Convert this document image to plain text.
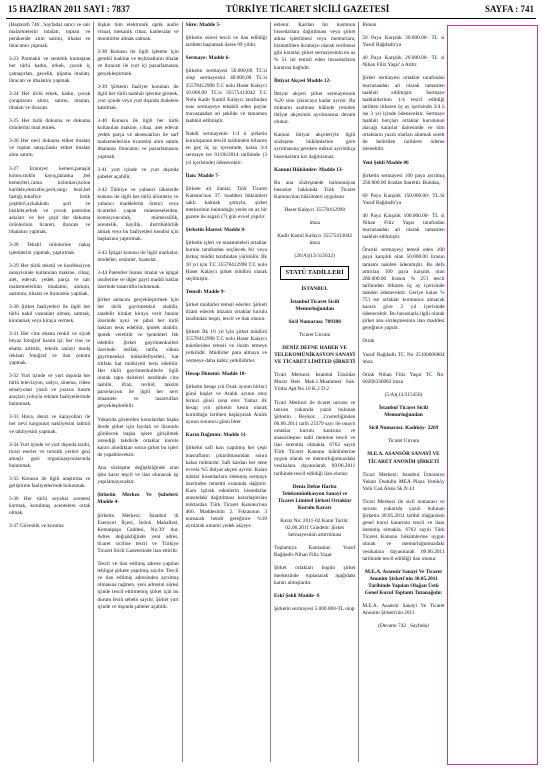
15 HAZİRAN 2011 SAYI : 7837	TÜRKİYE TİCARET SİCİLİ GAZETESİ	SAYFA : 741

(Baştarafı 740 . Sayfada) satıcı ve sair malzemelerin imalatı, toptan ve perakende alım satımı, ithalat ve ihracatını yapmak.

3-23 Parmaklı ve sentetik kumaştan her türlü kadın, erkek, çocuk iç çamaşırları, gecelik, pijama imalatı, ihracatı ve ithalatını yapmak.

3-24 Her türlü erkek, kadın, çocuk çoraplarını alımı, satımı, imalatı, ithalatı ve ihracatı.

3-25 Her türlü dokuma ve dokuma ürünlerini imal etmek.

3-26 Her nevi dokuma etiket imalatı ve toptan satışı,baskı etiket imalatı alım satımı.

3-27 Emniyet kemeri,paraşüt kolon,stoklu kayış,palaska ,bel kemerleri,canta kolonları,kolon kurdele,ekstrafor,şerit,sargı bezi,bel fastığı,tuhafiye listik çeşitleri,aykakkabı şort ve bisiklet,erkek ve çocuk pantolon askıları ve her çeşit dar dokuma ürünlerinin ticareti, ihracatı ve ithalatını yapmak.

3-28 Tekstil ürünlerine nakış işlemlerini yapmak, yaptırmak.

3-29 Her türlü tekstil ve konfeksiyon sanayisinde kullanılan makine, cihaz, alet, edevat, yedek parça ve sair malzemelerinin imalatını, alımını, satımını, ithalat ve ihracatını yapmak.

3-30 Şirket faaliyetleri ile ilgili her türlü nakil vasıtaları almak, satmak, kiralamak veya kiraya vermek.

3-31 Her cins ebatta renkli ve siyah beyaz fotoğraf basım işi; her cins ve ebatta artistik, teknik sanayi moda reklam fotoğraf ve ilan çekimi yapmak.

3-32 Yurt içinde ve yurt dışında her türlü televizyon, radyo, sinema, video senaryoları yazılı ve yazısız basım araçları yoluyla reklam faaliyetlerinde bulunmak.

3-33 Hava, deniz ve karayolları ile her nevi kargonun nakliyesini tahmil ve tahliyesini yapmak.

3-34 Yurt içinde ve yurt dışında tarihi, ticari eserler ve turistik yerleri gezi amaçlı gezi organizasyonlarında bulunmak.

3-35 Konusu ile ilgili araştırma ve geliştirme faaliyetlerinde bulunmak.

3-36 Her türlü seyahat acentesi kurmak, kurulmuş acentelere ortak olmak.

3-37 Güvenlik ve koruma

ilişkin tüm elektronik optik audio visual, mekanik cihaz, kameralar ve monitörler almak satmak.

3-38 Konusu ile ilgili işletme için gerekli makine ve teçhizatların ithalat ve ihracatı ile yurt içi pazarlamasını gerçekleştirmek.

3-39 Şirketin faaliyet konuları ile ilgili her türlü taahhüt işlerine girmek, yurt içinde veya yurt dışında ihalelere katılmak.

3-40 Konusu ile ilgili her türlü kullanılan makine, cihaz, alet edevat yedek parça ve aksesuarları ile sarf malzemelerinin ticaretini alım satımı ithalatını ihracatını ve pazarlamasını yapmak.

3-41 yurt içinde ve yurt dışında şubeler açabilir.

3-42 Türkiye ve yabancı ülkelerde konusu ile ilgili her türlü ürünlerin ve yabancı maddelerin üretici veya ticaretini yapan müesseselerden, komisyonculuk, mümessillik, acentelik, bayilik, distribütörlük almak veya bu faaliyetleri kendisi için başkasına yaptırmak.

3-43 İştigal konusu ile ilgili markalar, modeller, resimler, lisanslar.

3-44 Patentler lisansı imalat ve iştigal usullerine ve diğer gayri maddi haklar üzerinde tasarrufta bulunmak.

Şirket amacını gerçekleştirmek için her türlü gayrimenkul alabilir, satabilir kiralar kiraya verir bunlar üzerinde ayni ve şahsi her türlü hakları tesis edebilir, ipotek alabilir, ipotek verebilir ve ipotekleri fek edebilir. Şirket gayrimenkulleri üzerinde intifak, intifa, sükna gayrimenkul mükellefiyetleri, kat irtifakı kat mülkiyeti tesis edebilir. Her türlü gayrimenkullerle ilgili olarak tapu daireleri nezdinde cins tashihi, ifraz, tevhid, taksim parselasyon ile ilgili her nevi muamele ve tasarrufları gerçekleştirebilir.

Yukarıda gösterilen konulardan başka ilerde şirket için faydalı ve lüzumlu görülecek başka işlere girişilmek istendiği takdirde ortaklar kurulu kararı alındıktan sonra şirket bu işleri de yapabilecektir.

Ana sözleşme değişikliğinde olan işbu karar teşcil ve ilan olunacak işi yapılamayacaktır.

Şirketin Merkez Ve Şubeleri: Madde 4-

Şirketin Merkezi: İstanbul ili Esenyurt İlçesi, İnönü Mahallesi, Kemalpaşa Caddesi, No:39' dur. Adres değişikliğinde yeni adres, ticaret siciline tescil ve Türkiye Ticaret Sicili Gazetesinde ilan ettirilir.

Tescil ve ilan edilmiş adrese yapılan tebligat şirkete yapılmış sayılır. Tescil ve ilan edilmiş adresinden ayrılmış olmasına rağmen, yeni adresini süresi içinde tescil ettirmemiş şirket için bu durum fesih sebebi sayılır. Şirket yurt içinde ve dışında şubeler açabilir.

Süre: Madde 5-

Şirketin süresi tescil ve ilan edildiği tarihten başlamak üzere 99 yıldır.

Sermaye: Madde 6-

Şirketin sermayesi 50.000,00 TL'si olup sermayesini 40.000,00 TL'si 35578412998 T.C nolu Haser Kalaycı 10.000,00 TL'si 35575413042 T.C Nolu Kadir Kamil Kalaycı tarafından esas sermayeye tekabül eden paylar muvazaadan ari şekilde ve tamamen taahhüt edilmiştir.

Nakdi sermayenin 1/4 ü şirketin kuruluşunun tescili tarihinden itibaren en geç üç ay içerisinde, kalan 3/4 sermaye ise 01/06/2014 tarihinde (3 yıl içerisinde) ödenecektir.

İlan: Madde 7-

Şirkete ait ilanlar, Türk Ticaret Kanunu'nun 37. maddesi hükümleri saklı kalmak şartıyla, şirket merkezinin bulunduğu yerde en az bir gazete ile asgari (7) gün evvel yapılır.

Şirketin İdaresi: Madde 8-

Şirketin işleri ve muameleleri ortaklar kurulu tarafından seçilecek bir veya birkaç müdür tarafından yürütülür. İlk 10 yıl için T.C 35578412998 T.C nolu Haser Kalaycı şirket müdürü olarak seçilmiştir.

Temsil: Madde 9-

Şirket müdürler temsil ederler. Şirketi ilzam edecek imzalar ortaklar kurulu tarafından tespit, tescil ve ilan olunur.

Şirketi İlk 10 yıl için şirket müdürü 35578412998 T.C nolu Haser Kalaycı münferiden temsil ve ilzam etmeye yetkilidir. Müdürler para almaya ve vermeye daha kabiz yetkilidirler.

Hesap Dönemi: Madde 10-

Şirketin hesap yılı Ocak ayının birinci günü başlar ve Aralık ayının otuz birinci günü sona erer. Yalnız ilk hesap yılı şirketin kesin olarak kurulduğu tarihten başlayarak Aralık ayının sonuncu günü biter.

Karın Dağıtımı: Madde 11-

Şirketin safi karı yapılmış her çeşit masrafların çıkarılmasından sonra kalan miktardır. Safi kardan her sene evvela %5 ihtiyat akçesi ayrılır. Kalan miktar hissedarlara ödenmiş sermaye üzerinden temettü oranında dağıtılır. Kara iştirak edenlerin hissedarlar arasındaki dağıtılması kararlaştırılan miktardan Türk Ticaret Kanunu'nun 466. Maddesinin 2. Fıkrasının 3 numaralı bendi gereğince %10 ayrılarak umumi yedek akçeye

eklenir. Kardan bir kısmının hissedarlara dağıtılması veya şirket adına işletilmesi veya memurlara, hizmetlilere ikramiye olarak verilmesi gibi kararlar şirket sermayesinin en az % 51 ini temsil eden hissedarların kararına bağlıdır.

İhtiyat Akçesi Madde 12-

İhtiyat akçesi şirket sermayesinin %20 sine çıkıncaya kadar ayrılır. Bu miktarın azalması hâlinde yeniden ihtiyat akçesinin ayrılmasına devam olunur.

Kanuni ihtiyat akçeleriyle ilgili sözleşme hükümlerine göre ayrılmasına gereken miktar ayrıldıkça hissedarlara kar dağıtılamaz.

Kanuni Hükümler: Madde 13-

Bu ana sözleşmede bulunmayan hususlar hakkında Türk Ticaret Kanunu'nun hükümleri uygulanır

Haser Kalaycı 35578412998

imza

Kadir Kamil Kalaycı 35575413042 imza

(20/A)(13/315632)

STATÜ TADİLLERİ

İSTANBUL

İstanbul Ticaret Sicili Memurluğundan

Sicil Numarası: 709380

Ticaret Unvanı

DENİZ DEFNE HABER VE TELEKOMÜNİKASYON SANAYİ VE TİCARET LİMİTED ŞİRKETİ

Ticari Merkezi: İstanbul Üsküdar Murat Reis Mah.1.Muammer Sok. Yıldız Apt.No.10 K.2 D.2

Ticari Merkezi ile ticaret unvanı ve tanvan yukarıda yazılı bulunan Şirketin Beykoz 2.noterliğinden 06.06.2011 tarih 23379 sayı ile onaylı ortaklar kurulu kararına ve anasözleşme tadil metnine tescil ve ilan istenmiş olmakla, 6762 sayılı Türk Ticaret Kanunu hükümlerine uygun olarak ve memurluğumuzdaki vesikalara dayanılarak 09.06.2011 tarihinde tescil edildiği ilan olunur.

Deniz Defne Harita Telekomünikasyon Sanayi ve Ticaret Limited Şirketi Ortaklar Kurulu Kararı

Karar No: 2011-02 Karar Tarihi: 02.06.2011 Gündem: Şirket Sermayesinin arttırılması

Toplantıya Katılanlar: Yusuf Bağdadlı-Nihan Filiz Yaşar

Şirket ortakları bugün şirket merkezinde toplanarak aşağıdaki kararı almışlardır.

Eski Şekli Madde- 6

Şirketin sermayesi 5.000.000-TL olup

Bunun

50 Paya Karşılık 30.000.00- TL si Yusuf Bağdadlı'ya

40 Paya Karşılık 20.000.00- TL si Nihan Filiz Yaşar' a Aittir.

Şirket sermayesi ortaklar tarafından muvazaadan ari olarak tamamen taahhüt edilmiştir. Sermaye taahhütlerinin 1/4 tescil edildiği tarihten itibaren üç ay içerisinde 3/4 ü ise 3 yıl içinde ödenecektir. Sermaye taahhüt borçları ortaklar kurulunun alacağı kararlar dairesinde ve tüm ortakların yazılı olarları alınmak sureti ile belirtilen tarihlere ödeme istenebilir.

Yeni Şekli Madde 06

Şirketin sermayesi 100 paya ayrılmış 250.000.00 liradan ibarettir. Bundan,

60 Paya Karşılık 150.000.00- TL.Si Yusuf Bağdadlı'ya

40 Paya Karşılık 100.000.00- TL si Nihan Filiz Yaşar tarafından muvazaadan ari olarak tamamen taahhüt edilmiştir.

Önceki sermayeyi temsil eden 100 paya karşılık olan 50.000.00 liranın tamamı nakden ödenmiştir. Bu defa artırılan 100 paya karşılık olan 200.000.00 liranın % 25'i tescil tarihinden itibaren üç ay içerisinde nakden ödenecektir. Geriye kalan % 75'i ise ortaklar kurulunca alınacak karara göre 3 yıl içerisinde ödenecektir. Bu hususlarla ilgili olarak şirket ana sözleşmesinin ilan maddesi gereğince yapılır.

Ortak

Yusuf Bağdadlı TC No 25100606804 imza

Ortak Nihan Filiz Yaşar TC No: 60206336082 imza

(5/A)(13/315456)

İstanbul Ticaret Sicili Memurluğundan

Sicil Numarası: Kadıköy- 2269

Ticaret Unvanı

M.E.A. ASANSÖR SANAYİ VE TİCARET ANONİM ŞİRKETİ

Ticari Merkezi: İstanbul Ümraniye Yukarı Dudullu MEA Plaza Yeniköy Yolu Cad.Alsüs Sk.N.13

Ticari Merkezi ile sicil numarası ve unvanı yukarıda yazılı bulunan Şirketin 30.05.2011 tarihli olağanüstü genel kurul kararının tescil ve ilanı istenmiş olmakla, 6762 sayılı Türk Ticaret Kanunu hükümlerine uygun olarak ve memurluğumuzdaki vesikalara dayanılarak 09.06.2011 tarihinde tescil edildiği ilan olunur.

M.E.A. Asansör Sanayi Ve Ticaret Anonim Şirketi'nin 30.05.2011 Tarihinde Yapılan Olağan Üstü Genel Kurul Toplantı Tutanağıdır.

M.E.A. Asansör Sanayi Ve Ticaret Anonim Şirketi'nin 2011

(Devamı 742 . Sayfada)
